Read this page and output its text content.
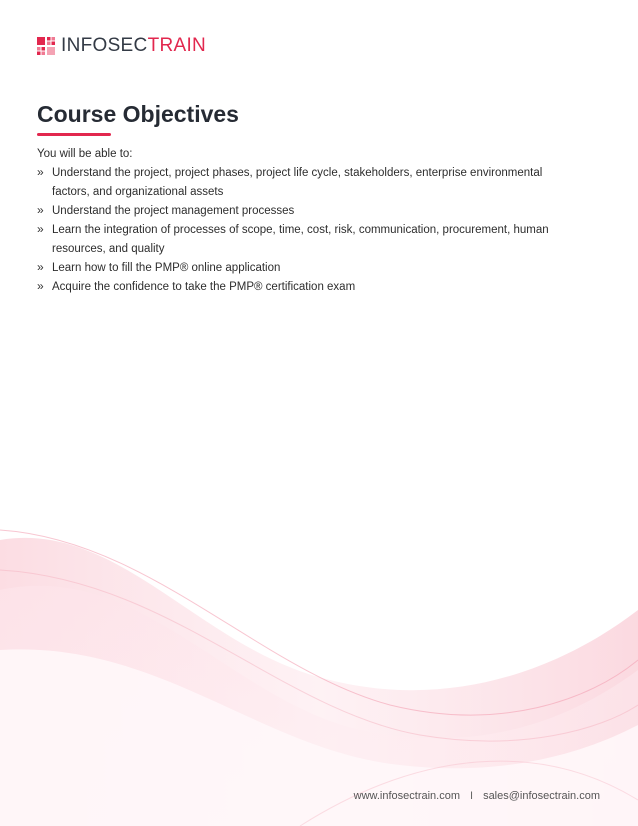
INFOSECTRAIN
Course Objectives
You will be able to:
» Understand the project, project phases, project life cycle, stakeholders, enterprise environmental factors, and organizational assets
» Understand the project management processes
» Learn the integration of processes of scope, time, cost, risk, communication, procurement, human resources, and quality
» Learn how to fill the PMP® online application
» Acquire the confidence to take the PMP® certification exam
www.infosectrain.com I sales@infosectrain.com
